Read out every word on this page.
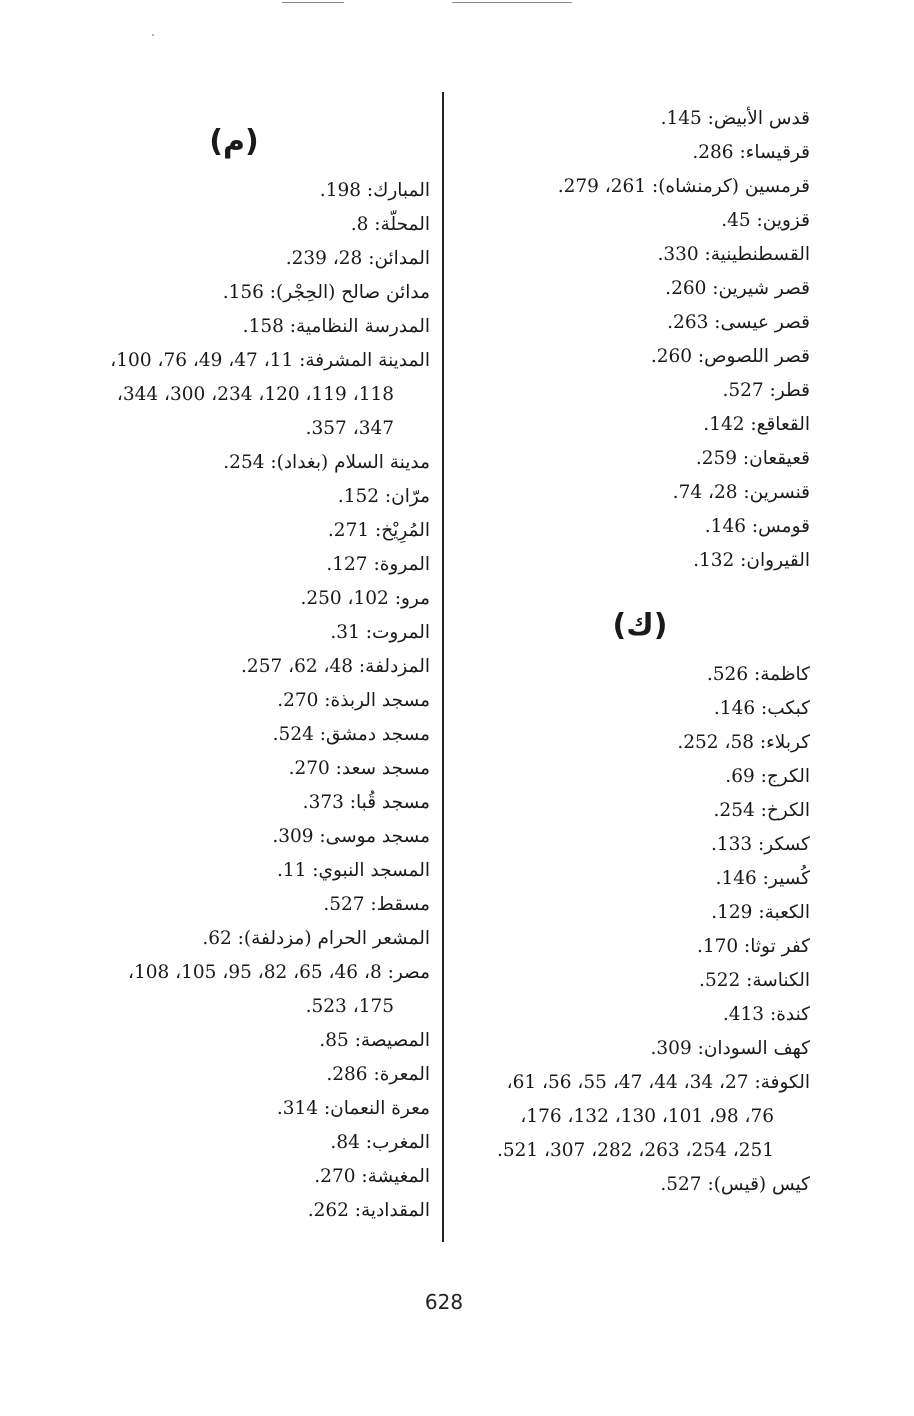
قدس الأبيض: 145.
قرقيساء: 286.
قرمسين (كرمنشاه): 261، 279.
قزوين: 45.
القسطنطينية: 330.
قصر شيرين: 260.
قصر عيسى: 263.
قصر اللصوص: 260.
قطر: 527.
القعاقع: 142.
قعيقعان: 259.
قنسرين: 28، 74.
قومس: 146.
القيروان: 132.
(ك)
كاظمة: 526.
كبكب: 146.
كربلاء: 58، 252.
الكرج: 69.
الكرخ: 254.
كسكر: 133.
كُسير: 146.
الكعبة: 129.
كفر توثا: 170.
الكناسة: 522.
كندة: 413.
كهف السودان: 309.
الكوفة: 27، 34، 44، 47، 55، 56، 61،
76، 98، 101، 130، 132، 176،
251، 254، 263، 282، 307، 521.
كيس (قيس): 527.
(م)
المبارك: 198.
المحلّة: 8.
المدائن: 28، 239.
مدائن صالح (الحِجْر): 156.
المدرسة النظامية: 158.
المدينة المشرفة: 11، 47، 49، 76، 100،
118، 119، 120، 234، 300، 344،
347، 357.
مدينة السلام (بغداد): 254.
مرّان: 152.
المُرِيْخ: 271.
المروة: 127.
مرو: 102، 250.
المروت: 31.
المزدلفة: 48، 62، 257.
مسجد الربذة: 270.
مسجد دمشق: 524.
مسجد سعد: 270.
مسجد قُبا: 373.
مسجد موسى: 309.
المسجد النبوي: 11.
مسقط: 527.
المشعر الحرام (مزدلفة): 62.
مصر: 8، 46، 65، 82، 95، 105، 108،
175، 523.
المصيصة: 85.
المعرة: 286.
معرة النعمان: 314.
المغرب: 84.
المغيشة: 270.
المقدادية: 262.
628
